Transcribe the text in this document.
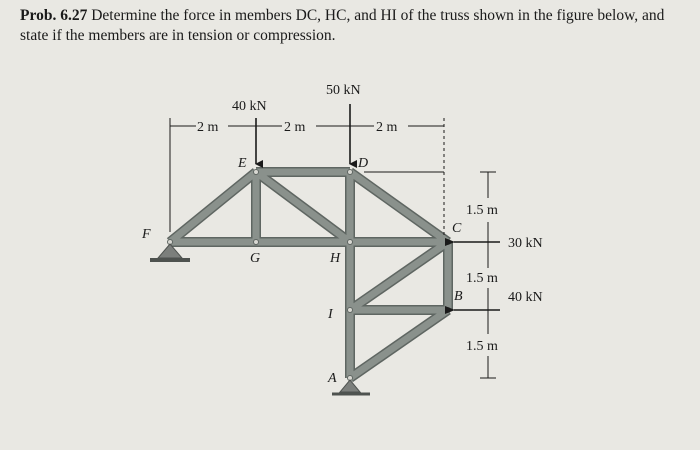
Prob. 6.27 Determine the force in members DC, HC, and HI of the truss shown in the figure below, and state if the members are in tension or compression.
40 kN
50 kN
30 kN
40 kN
2 m	2 m	2 m
1.5 m
1.5 m
1.5 m
F
E	D
C
G	H
B
I
A
